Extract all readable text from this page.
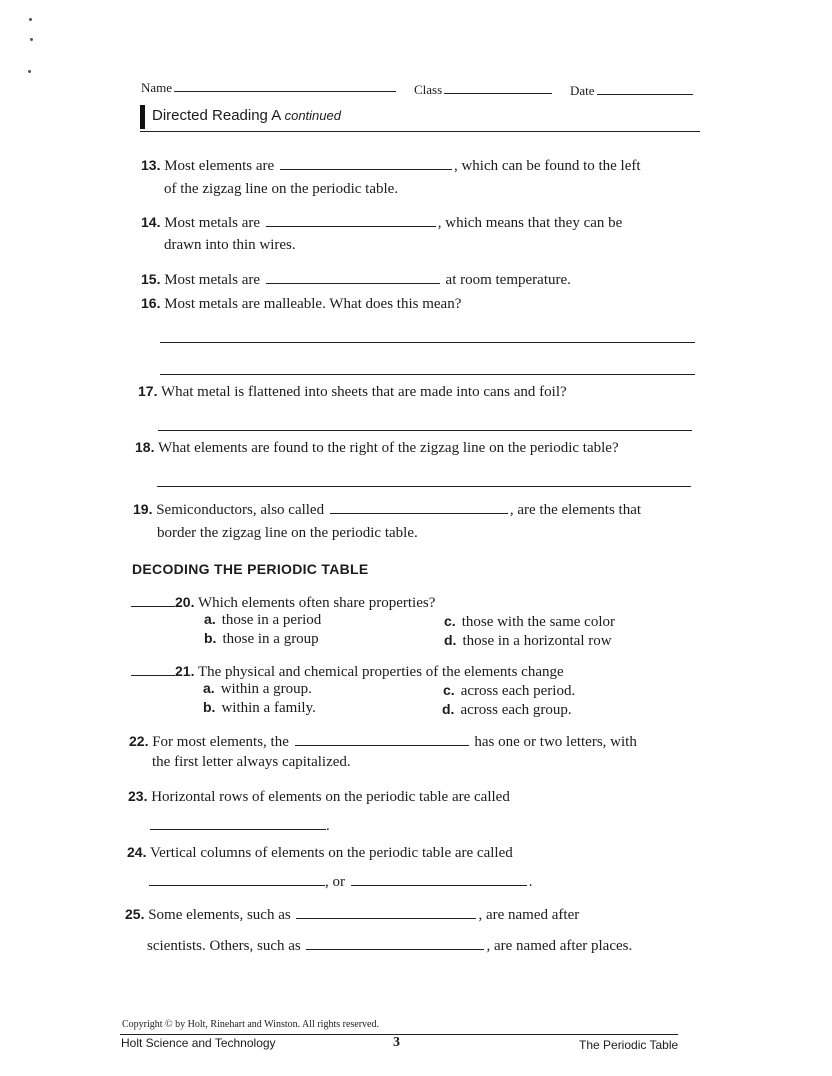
Name	Class	Date
Directed Reading A continued
13. Most elements are	, which can be found to the left
of the zigzag line on the periodic table.
14. Most metals are	, which means that they can be
drawn into thin wires.
15. Most metals are	at room temperature.
16. Most metals are malleable. What does this mean?
17. What metal is flattened into sheets that are made into cans and foil?
18. What elements are found to the right of the zigzag line on the periodic table?
19. Semiconductors, also called	, are the elements that
border the zigzag line on the periodic table.
DECODING THE PERIODIC TABLE
20. Which elements often share properties?
a. those in a period	c. those with the same color
b. those in a group	d. those in a horizontal row
21. The physical and chemical properties of the elements change
a. within a group.	c. across each period.
b. within a family.	d. across each group.
22. For most elements, the	has one or two letters, with
the first letter always capitalized.
23. Horizontal rows of elements on the periodic table are called
.
24. Vertical columns of elements on the periodic table are called
, or	.
25. Some elements, such as	, are named after
scientists. Others, such as	, are named after places.
Copyright © by Holt, Rinehart and Winston. All rights reserved.
Holt Science and Technology	3	The Periodic Table
